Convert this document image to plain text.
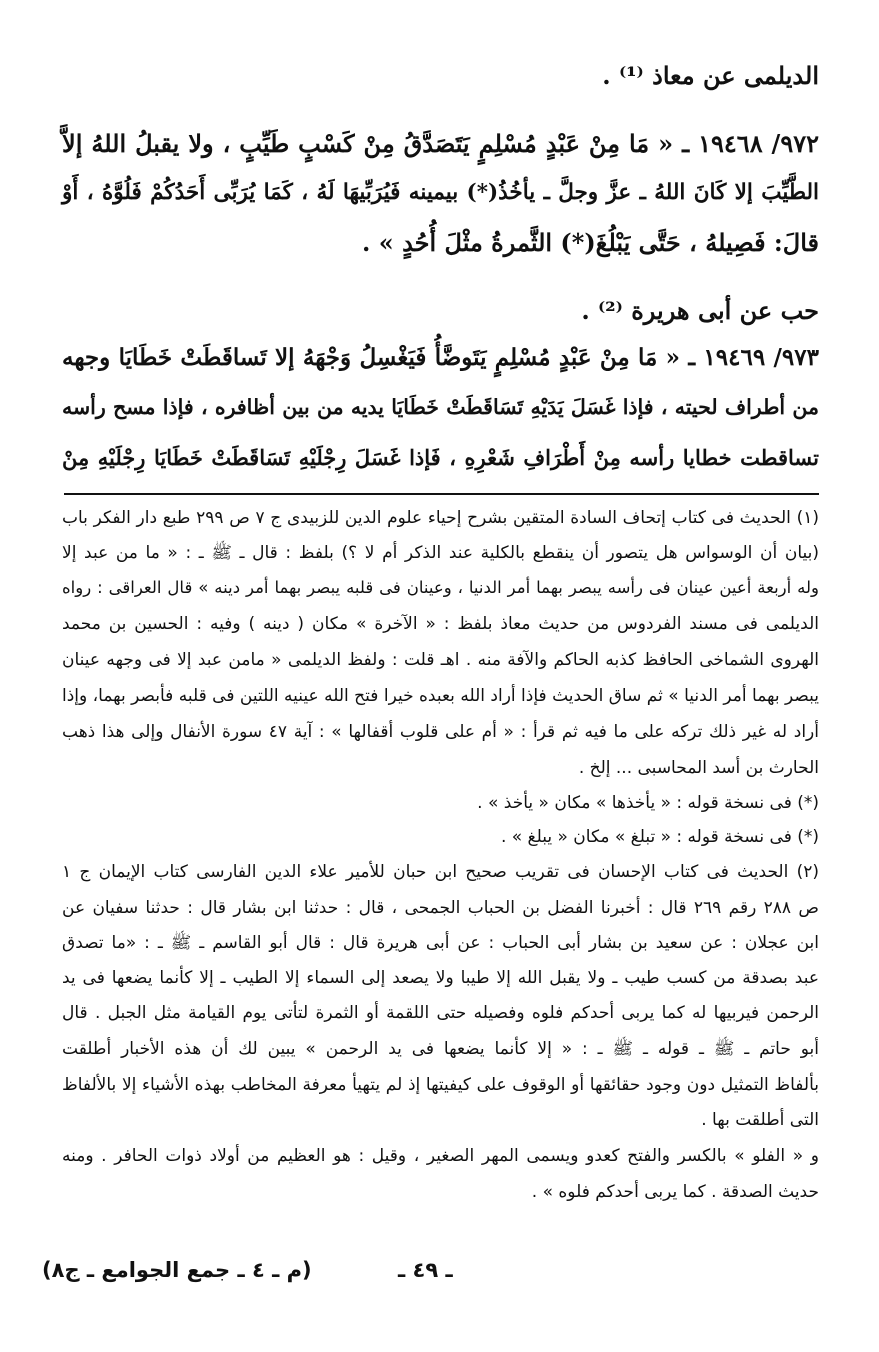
الديلمى عن معاذ ⁽¹⁾ .
٩٧٢/ ١٩٤٦٨ ـ « مَا مِنْ عَبْدٍ مُسْلِمٍ يَتَصَدَّقُ مِنْ كَسْبٍ طَيِّبٍ ، ولا يقبلُ اللهُ إلاَّ
الطَّيِّبَ إلا كَانَ اللهُ ـ عزَّ وجلَّ ـ يأخُذُ(*) بيمينه فَيُرَبِّيهَا لَهُ ، كَمَا يُرَبِّى أَحَدُكُمْ فَلُوَّهُ ، أَوْ
قالَ: فَصِيلهُ ، حَتَّى يَبْلُغَ(*) الثَّمرةُ مثْلَ أُحُدٍ » .
حب عن أبى هريرة ⁽²⁾ .
٩٧٣/ ١٩٤٦٩ ـ « مَا مِنْ عَبْدٍ مُسْلِمٍ يَتَوضَّأُ فَيَغْسِلُ وَجْهَهُ إلا تَساقَطَتْ خَطَايَا وجهه
من أطراف لحيته ، فإذا غَسَلَ يَدَيْهِ تَسَاقَطَتْ خَطَايَا يديه من بين أظافره ، فإذا مسح رأسه
تساقطت خطايا رأسه مِنْ أَطْرَافِ شَعْرِهِ ، فَإذا غَسَلَ رِجْلَيْهِ تَسَاقَطَتْ خَطَايَا رِجْلَيْهِ مِنْ
(١) الحديث فى كتاب إتحاف السادة المتقين بشرح إحياء علوم الدين للزبيدى ج ٧ ص ٢٩٩ طبع دار الفكر باب
(بيان أن الوسواس هل يتصور أن ينقطع بالكلية عند الذكر أم لا ؟) بلفظ : قال ـ ﷺ ـ : « ما من عبد إلا
وله أربعة أعين عينان فى رأسه يبصر بهما أمر الدنيا ، وعينان فى قلبه يبصر بهما أمر دينه » قال العراقى : رواه
الديلمى فى مسند الفردوس من حديث معاذ بلفظ : « الآخرة » مكان ( دينه ) وفيه : الحسين بن محمد
الهروى الشماخى الحافظ كذبه الحاكم والآفة منه . اهـ قلت : ولفظ الديلمى « مامن عبد إلا فى وجهه عينان
يبصر بهما أمر الدنيا » ثم ساق الحديث فإذا أراد الله بعبده خيرا فتح الله عينيه اللتين فى قلبه فأبصر بهما، وإذا
أراد له غير ذلك تركه على ما فيه ثم قرأ : « أم على قلوب أقفالها » : آية ٤٧ سورة الأنفال وإلى هذا ذهب
الحارث بن أسد المحاسبى ... إلخ .
(*) فى نسخة قوله : « يأخذها » مكان « يأخذ » .
(*) فى نسخة قوله : « تبلغ » مكان « يبلغ » .
(٢) الحديث فى كتاب الإحسان فى تقريب صحيح ابن حبان للأمير علاء الدين الفارسى كتاب الإيمان ج ١
ص ٢٨٨ رقم ٢٦٩ قال : أخبرنا الفضل بن الحباب الجمحى ، قال : حدثنا ابن بشار قال : حدثنا سفيان عن
ابن عجلان : عن سعيد بن بشار أبى الحباب : عن أبى هريرة قال : قال أبو القاسم ـ ﷺ ـ : «ما تصدق
عبد بصدقة من كسب طيب ـ ولا يقبل الله إلا طيبا ولا يصعد إلى السماء إلا الطيب ـ إلا كأنما يضعها فى يد
الرحمن فيربيها له كما يربى أحدكم فلوه وفصيله حتى اللقمة أو الثمرة لتأتى يوم القيامة مثل الجبل . قال
أبو حاتم ـ ﷺ ـ قوله ـ ﷺ ـ : « إلا كأنما يضعها فى يد الرحمن » يبين لك أن هذه الأخبار أطلقت
بألفاظ التمثيل دون وجود حقائقها أو الوقوف على كيفيتها إذ لم يتهيأ معرفة المخاطب بهذه الأشياء إلا بالألفاظ
التى أطلقت بها .
و « الفلو » بالكسر والفتح كعدو ويسمى المهر الصغير ، وقيل : هو العظيم من أولاد ذوات الحافر . ومنه
حديث الصدقة . كما يربى أحدكم فلوه » .
ـ ٤٩ ـ
(م ـ ٤ ـ جمع الجوامع ـ ج٨)
